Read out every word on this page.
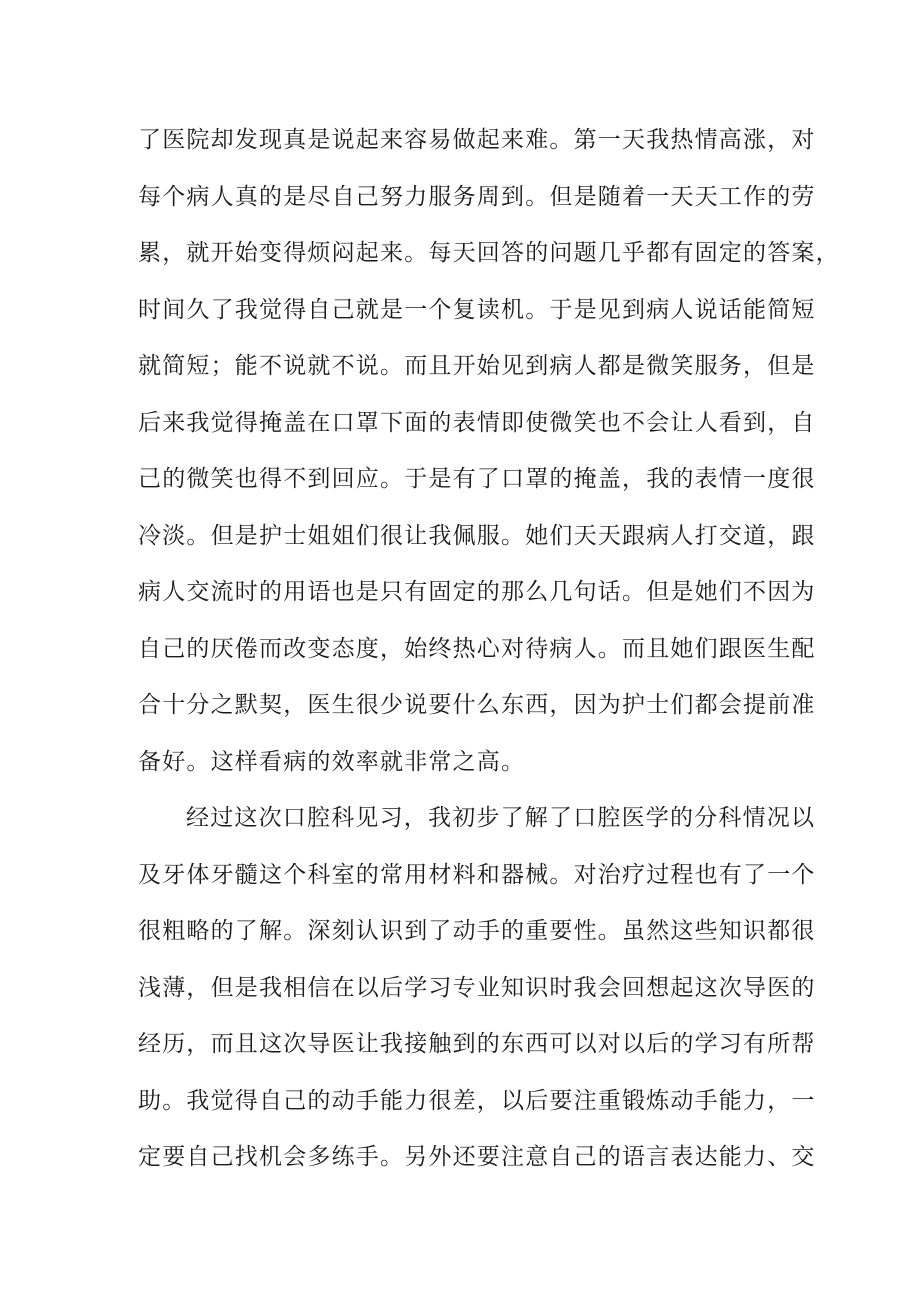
了医院却发现真是说起来容易做起来难。第一天我热情高涨，对
每个病人真的是尽自己努力服务周到。但是随着一天天工作的劳
累，就开始变得烦闷起来。每天回答的问题几乎都有固定的答案，
时间久了我觉得自己就是一个复读机。于是见到病人说话能简短
就简短；能不说就不说。而且开始见到病人都是微笑服务，但是
后来我觉得掩盖在口罩下面的表情即使微笑也不会让人看到，自
己的微笑也得不到回应。于是有了口罩的掩盖，我的表情一度很
冷淡。但是护士姐姐们很让我佩服。她们天天跟病人打交道，跟
病人交流时的用语也是只有固定的那么几句话。但是她们不因为
自己的厌倦而改变态度，始终热心对待病人。而且她们跟医生配
合十分之默契，医生很少说要什么东西，因为护士们都会提前准
备好。这样看病的效率就非常之高。
经过这次口腔科见习，我初步了解了口腔医学的分科情况以
及牙体牙髓这个科室的常用材料和器械。对治疗过程也有了一个
很粗略的了解。深刻认识到了动手的重要性。虽然这些知识都很
浅薄，但是我相信在以后学习专业知识时我会回想起这次导医的
经历，而且这次导医让我接触到的东西可以对以后的学习有所帮
助。我觉得自己的动手能力很差，以后要注重锻炼动手能力，一
定要自己找机会多练手。另外还要注意自己的语言表达能力、交
